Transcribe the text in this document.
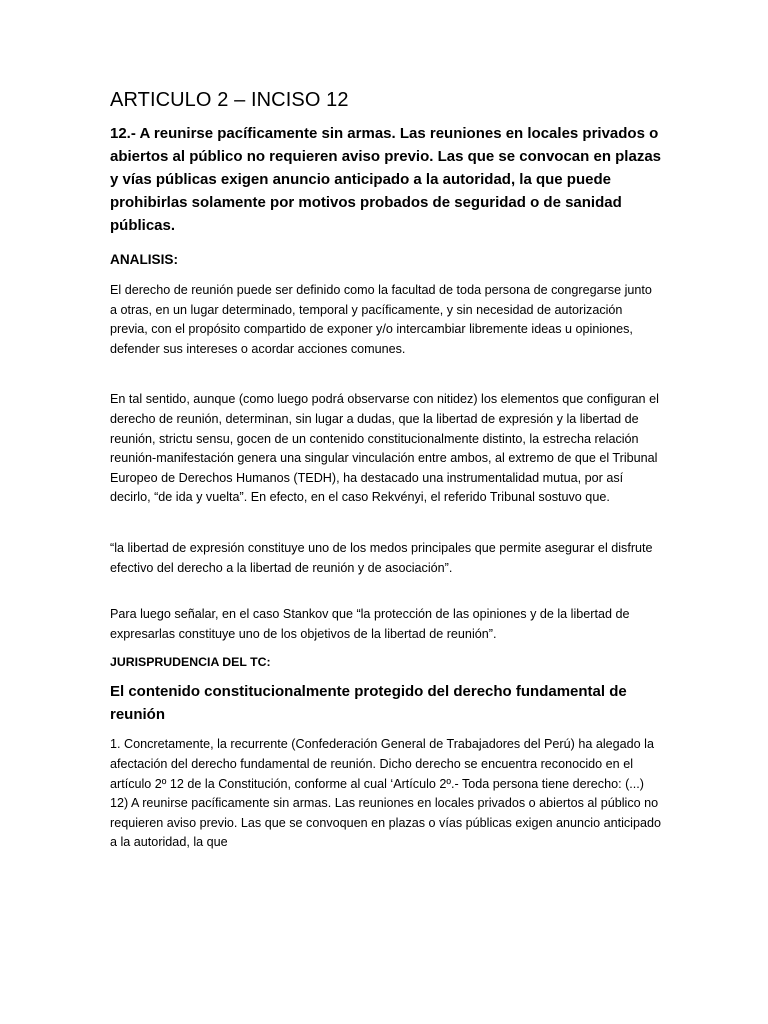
ARTICULO 2 – INCISO 12

12.- A reunirse pacíficamente sin armas. Las reuniones en locales privados o abiertos al público no requieren aviso previo. Las que se convocan en plazas y vías públicas exigen anuncio anticipado a la autoridad, la que puede prohibirlas solamente por motivos probados de seguridad o de sanidad públicas.

ANALISIS:

El derecho de reunión puede ser definido como la facultad de toda persona de congregarse junto a otras, en un lugar determinado, temporal y pacíficamente, y sin necesidad de autorización previa, con el propósito compartido de exponer y/o intercambiar libremente ideas u opiniones, defender sus intereses o acordar acciones comunes.

En tal sentido, aunque (como luego podrá observarse con nitidez) los elementos que configuran el derecho de reunión, determinan, sin lugar a dudas, que la libertad de expresión y la libertad de reunión, strictu sensu, gocen de un contenido constitucionalmente distinto, la estrecha relación reunión-manifestación genera una singular vinculación entre ambos, al extremo de que el Tribunal Europeo de Derechos Humanos (TEDH), ha destacado una instrumentalidad mutua, por así decirlo, “de ida y vuelta”. En efecto, en el caso Rekvényi, el referido Tribunal sostuvo que.

“la libertad de expresión constituye uno de los medos principales que permite asegurar el disfrute efectivo del derecho a la libertad de reunión y de asociación”.

Para luego señalar, en el caso Stankov que “la protección de las opiniones y de la libertad de expresarlas constituye uno de los objetivos de la libertad de reunión”.

JURISPRUDENCIA DEL TC:
El contenido constitucionalmente protegido del derecho fundamental de reunión

1. Concretamente, la recurrente (Confederación General de Trabajadores del Perú) ha alegado la afectación del derecho fundamental de reunión. Dicho derecho se encuentra reconocido en el artículo 2º 12 de la Constitución, conforme al cual ‘Artículo 2º.- Toda persona tiene derecho: (...) 12) A reunirse pacíficamente sin armas. Las reuniones en locales privados o abiertos al público no requieren aviso previo. Las que se convoquen en plazas o vías públicas exigen anuncio anticipado a la autoridad, la que
